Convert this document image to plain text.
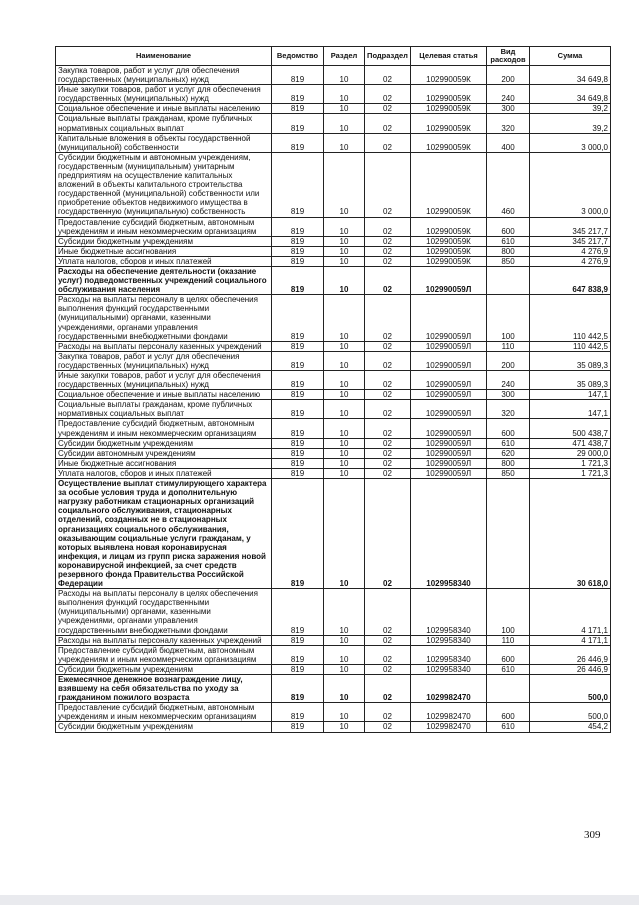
Наименование	Ведомство	Раздел	Подраздел	Целевая статья	Вид расходов	Сумма
Закупка товаров, работ и услуг для обеспечения государственных (муниципальных) нужд	819	10	02	102990059К	200	34 649,8
Иные закупки товаров, работ и услуг для обеспечения государственных (муниципальных) нужд	819	10	02	102990059К	240	34 649,8
Социальное обеспечение и иные выплаты населению	819	10	02	102990059К	300	39,2
Социальные выплаты гражданам, кроме публичных нормативных социальных выплат	819	10	02	102990059К	320	39,2
Капитальные вложения в объекты государственной (муниципальной) собственности	819	10	02	102990059К	400	3 000,0
Субсидии бюджетным и автономным учреждениям, государственным (муниципальным) унитарным предприятиям на осуществление капитальных вложений в объекты капитального строительства государственной (муниципальной) собственности или приобретение объектов недвижимого имущества в государственную (муниципальную) собственность	819	10	02	102990059К	460	3 000,0
Предоставление субсидий бюджетным, автономным учреждениям и иным некоммерческим организациям	819	10	02	102990059К	600	345 217,7
Субсидии бюджетным учреждениям	819	10	02	102990059К	610	345 217,7
Иные бюджетные ассигнования	819	10	02	102990059К	800	4 276,9
Уплата налогов, сборов и иных платежей	819	10	02	102990059К	850	4 276,9
Расходы на обеспечение деятельности (оказание услуг) подведомственных учреждений социального обслуживания населения	819	10	02	102990059Л		647 838,9
Расходы на выплаты персоналу в целях обеспечения выполнения функций государственными (муниципальными) органами, казенными учреждениями, органами управления государственными внебюджетными фондами	819	10	02	102990059Л	100	110 442,5
Расходы на выплаты персоналу казенных учреждений	819	10	02	102990059Л	110	110 442,5
Закупка товаров, работ и услуг для обеспечения государственных (муниципальных) нужд	819	10	02	102990059Л	200	35 089,3
Иные закупки товаров, работ и услуг для обеспечения государственных (муниципальных) нужд	819	10	02	102990059Л	240	35 089,3
Социальное обеспечение и иные выплаты населению	819	10	02	102990059Л	300	147,1
Социальные выплаты гражданам, кроме публичных нормативных социальных выплат	819	10	02	102990059Л	320	147,1
Предоставление субсидий бюджетным, автономным учреждениям и иным некоммерческим организациям	819	10	02	102990059Л	600	500 438,7
Субсидии бюджетным учреждениям	819	10	02	102990059Л	610	471 438,7
Субсидии автономным учреждениям	819	10	02	102990059Л	620	29 000,0
Иные бюджетные ассигнования	819	10	02	102990059Л	800	1 721,3
Уплата налогов, сборов и иных платежей	819	10	02	102990059Л	850	1 721,3
Осуществление выплат стимулирующего характера за особые условия труда и дополнительную нагрузку работникам стационарных организаций социального обслуживания, стационарных отделений, созданных не в стационарных организациях социального обслуживания, оказывающим социальные услуги гражданам, у которых выявлена новая коронавирусная инфекция, и лицам из групп риска заражения новой коронавирусной инфекцией, за счет средств резервного фонда Правительства Российской Федерации	819	10	02	1029958340		30 618,0
Расходы на выплаты персоналу в целях обеспечения выполнения функций государственными (муниципальными) органами, казенными учреждениями, органами управления государственными внебюджетными фондами	819	10	02	1029958340	100	4 171,1
Расходы на выплаты персоналу казенных учреждений	819	10	02	1029958340	110	4 171,1
Предоставление субсидий бюджетным, автономным учреждениям и иным некоммерческим организациям	819	10	02	1029958340	600	26 446,9
Субсидии бюджетным учреждениям	819	10	02	1029958340	610	26 446,9
Ежемесячное денежное вознаграждение лицу, взявшему на себя обязательства по уходу за гражданином пожилого возраста	819	10	02	1029982470		500,0
Предоставление субсидий бюджетным, автономным учреждениям и иным некоммерческим организациям	819	10	02	1029982470	600	500,0
Субсидии бюджетным учреждениям	819	10	02	1029982470	610	454,2
309
